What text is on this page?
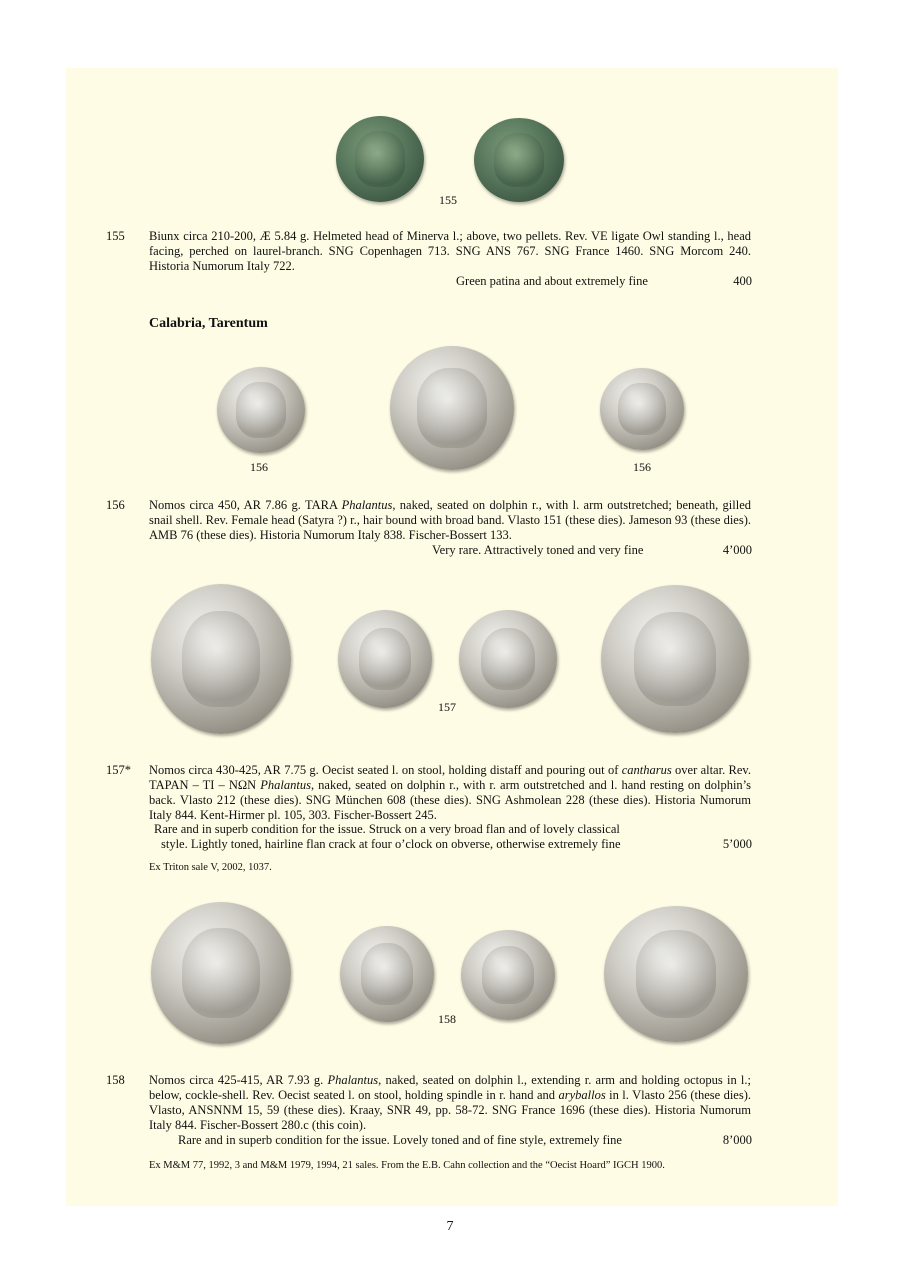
155
155 Biunx circa 210-200, Æ 5.84 g. Helmeted head of Minerva l.; above, two pellets. Rev. VE ligate Owl standing l., head facing, perched on laurel-branch. SNG Copenhagen 713. SNG ANS 767. SNG France 1460. SNG Morcom 240. Historia Numorum Italy 722.
Green patina and about extremely fine	400
Calabria, Tarentum
156	156
156 Nomos circa 450, AR 7.86 g. TARA Phalantus, naked, seated on dolphin r., with l. arm outstretched; beneath, gilled snail shell. Rev. Female head (Satyra ?) r., hair bound with broad band. Vlasto 151 (these dies). Jameson 93 (these dies). AMB 76 (these dies). Historia Numorum Italy 838. Fischer-Bossert 133.
Very rare. Attractively toned and very fine	4’000
157
157* Nomos circa 430-425, AR 7.75 g. Oecist seated l. on stool, holding distaff and pouring out of cantharus over altar. Rev. TAPAN – TI – NΩN Phalantus, naked, seated on dolphin r., with r. arm outstretched and l. hand resting on dolphin’s back. Vlasto 212 (these dies). SNG München 608 (these dies). SNG Ashmolean 228 (these dies). Historia Numorum Italy 844. Kent-Hirmer pl. 105, 303. Fischer-Bossert 245.
Rare and in superb condition for the issue. Struck on a very broad flan and of lovely classical
style. Lightly toned, hairline flan crack at four o’clock on obverse, otherwise extremely fine	5’000
Ex Triton sale V, 2002, 1037.
158
158 Nomos circa 425-415, AR 7.93 g. Phalantus, naked, seated on dolphin l., extending r. arm and holding octopus in l.; below, cockle-shell. Rev. Oecist seated l. on stool, holding spindle in r. hand and aryballos in l. Vlasto 256 (these dies). Vlasto, ANSNNM 15, 59 (these dies). Kraay, SNR 49, pp. 58-72. SNG France 1696 (these dies). Historia Numorum Italy 844. Fischer-Bossert 280.c (this coin).
Rare and in superb condition for the issue. Lovely toned and of fine style, extremely fine	8’000
Ex M&M 77, 1992, 3 and M&M 1979, 1994, 21 sales. From the E.B. Cahn collection and the “Oecist Hoard” IGCH 1900.
7
